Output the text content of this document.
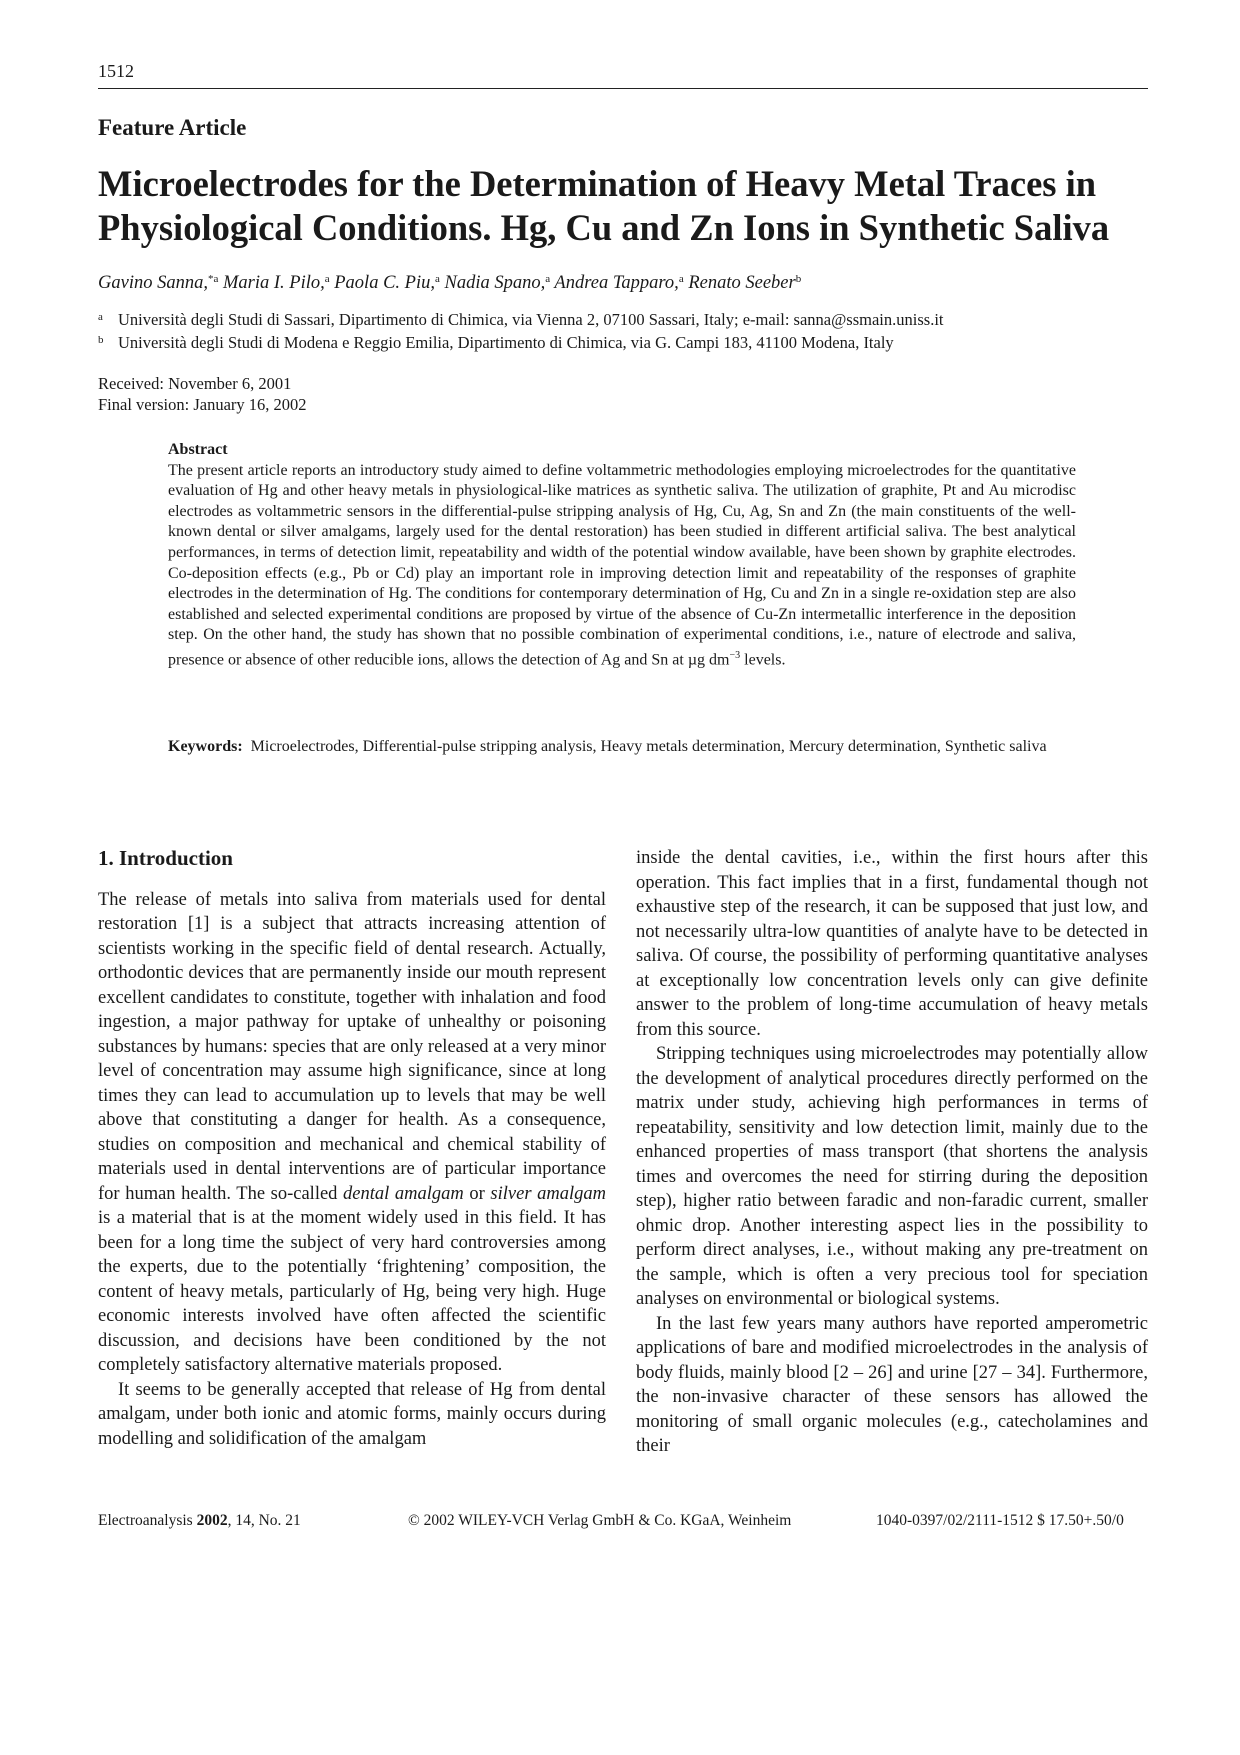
1512
Feature Article
Microelectrodes for the Determination of Heavy Metal Traces in
Physiological Conditions. Hg, Cu and Zn Ions in Synthetic Saliva
Gavino Sanna,$^{*a}$ Maria I. Pilo,$^a$ Paola C. Piu,$^a$ Nadia Spano,$^a$ Andrea Tapparo,$^a$ Renato Seeber$^b$
a Università degli Studi di Sassari, Dipartimento di Chimica, via Vienna 2, 07100 Sassari, Italy; e-mail: sanna@ssmain.uniss.it
b Università degli Studi di Modena e Reggio Emilia, Dipartimento di Chimica, via G. Campi 183, 41100 Modena, Italy
Received: November 6, 2001
Final version: January 16, 2002
Abstract

The present article reports an introductory study aimed to define voltammetric methodologies employing microelectrodes for the quantitative evaluation of Hg and other heavy metals in physiological-like matrices as synthetic saliva. The utilization of graphite, Pt and Au microdisc electrodes as voltammetric sensors in the differential-pulse stripping analysis of Hg, Cu, Ag, Sn and Zn (the main constituents of the well-known dental or silver amalgams, largely used for the dental restoration) has been studied in different artificial saliva. The best analytical performances, in terms of detection limit, repeatability and width of the potential window available, have been shown by graphite electrodes. Co-deposition effects (e.g., Pb or Cd) play an important role in improving detection limit and repeatability of the responses of graphite electrodes in the determination of Hg. The conditions for contemporary determination of Hg, Cu and Zn in a single re-oxidation step are also established and selected experimental conditions are proposed by virtue of the absence of Cu-Zn intermetallic interference in the deposition step. On the other hand, the study has shown that no possible combination of experimental conditions, i.e., nature of electrode and saliva, presence or absence of other reducible ions, allows the detection of Ag and Sn at µg $dm^{-3}$ levels.

Keywords: Microelectrodes, Differential-pulse stripping analysis, Heavy metals determination, Mercury determination, Synthetic saliva

1. Introduction

The release of metals into saliva from materials used for dental restoration [1] is a subject that attracts increasing attention of scientists working in the specific field of dental research. Actually, orthodontic devices that are permanently inside our mouth represent excellent candidates to constitute, together with inhalation and food ingestion, a major pathway for uptake of unhealthy or poisoning substances by humans: species that are only released at a very minor level of concentration may assume high significance, since at long times they can lead to accumulation up to levels that may be well above that constituting a danger for health. As a consequence, studies on composition and mechanical and chemical stability of materials used in dental interventions are of particular importance for human health. The so-called dental amalgam or silver amalgam is a material that is at the moment widely used in this field. It has been for a long time the subject of very hard controversies among the experts, due to the potentially ‘frightening’ composition, the content of heavy metals, particularly of Hg, being very high. Huge economic interests involved have often affected the scientific discussion, and decisions have been conditioned by the not completely satisfactory alternative materials proposed.

It seems to be generally accepted that release of Hg from dental amalgam, under both ionic and atomic forms, mainly occurs during modelling and solidification of the amalgam

inside the dental cavities, i.e., within the first hours after this operation. This fact implies that in a first, fundamental though not exhaustive step of the research, it can be supposed that just low, and not necessarily ultra-low quantities of analyte have to be detected in saliva. Of course, the possibility of performing quantitative analyses at exceptionally low concentration levels only can give definite answer to the problem of long-time accumulation of heavy metals from this source.

Stripping techniques using microelectrodes may potentially allow the development of analytical procedures directly performed on the matrix under study, achieving high performances in terms of repeatability, sensitivity and low detection limit, mainly due to the enhanced properties of mass transport (that shortens the analysis times and overcomes the need for stirring during the deposition step), higher ratio between faradic and non-faradic current, smaller ohmic drop. Another interesting aspect lies in the possibility to perform direct analyses, i.e., without making any pre-treatment on the sample, which is often a very precious tool for speciation analyses on environmental or biological systems.

In the last few years many authors have reported amperometric applications of bare and modified microelectrodes in the analysis of body fluids, mainly blood [2 – 26] and urine [27 – 34]. Furthermore, the non-invasive character of these sensors has allowed the monitoring of small organic molecules (e.g., catecholamines and their

Electroanalysis 2002, 14, No. 21	© 2002 WILEY-VCH Verlag GmbH & Co. KGaA, Weinheim	1040-0397/02/2111-1512 $ 17.50+.50/0
